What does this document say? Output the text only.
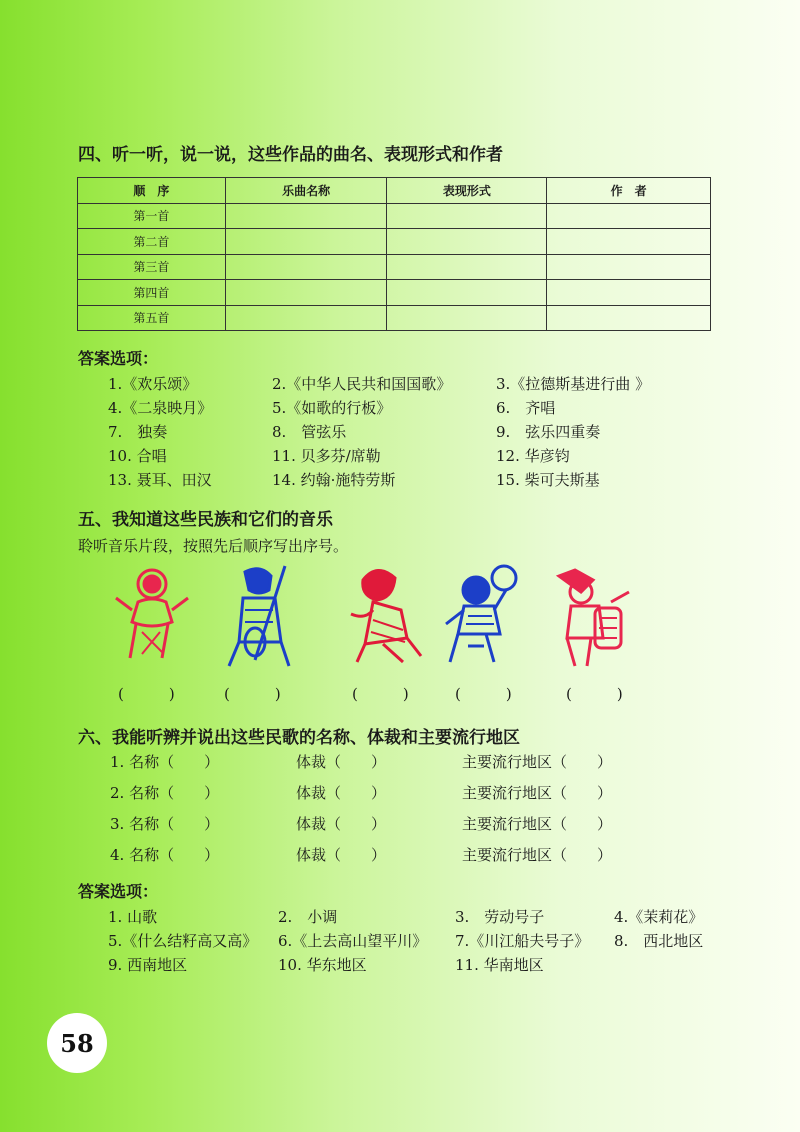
四、听一听，说一说，这些作品的曲名、表现形式和作者
顺　序	乐曲名称	表现形式	作　者
第一首			
第二首			
第三首			
第四首			
第五首			
答案选项：
1.《欢乐颂》	2.《中华人民共和国国歌》	3.《拉德斯基进行曲 》
4.《二泉映月》	5.《如歌的行板》	6.　齐唱
7.　独奏	8.　管弦乐	9.　弦乐四重奏
10. 合唱	11. 贝多芬/席勒	12. 华彦钧
13. 聂耳、田汉	14. 约翰·施特劳斯	15. 柴可夫斯基
五、我知道这些民族和它们的音乐
聆听音乐片段，按照先后顺序写出序号。
(　　　)	(　　　)	(　　　)	(　　　)	(　　　)
六、我能听辨并说出这些民歌的名称、体裁和主要流行地区
1. 名称（　　）	体裁（　　）	主要流行地区（　　）
2. 名称（　　）	体裁（　　）	主要流行地区（　　）
3. 名称（　　）	体裁（　　）	主要流行地区（　　）
4. 名称（　　）	体裁（　　）	主要流行地区（　　）
答案选项：
1. 山歌	2.　小调	3.　劳动号子	4.《茉莉花》
5.《什么结籽高又高》 6.《上去高山望平川》 7.《川江船夫号子》 8.　西北地区
9. 西南地区	10. 华东地区	11. 华南地区
58
